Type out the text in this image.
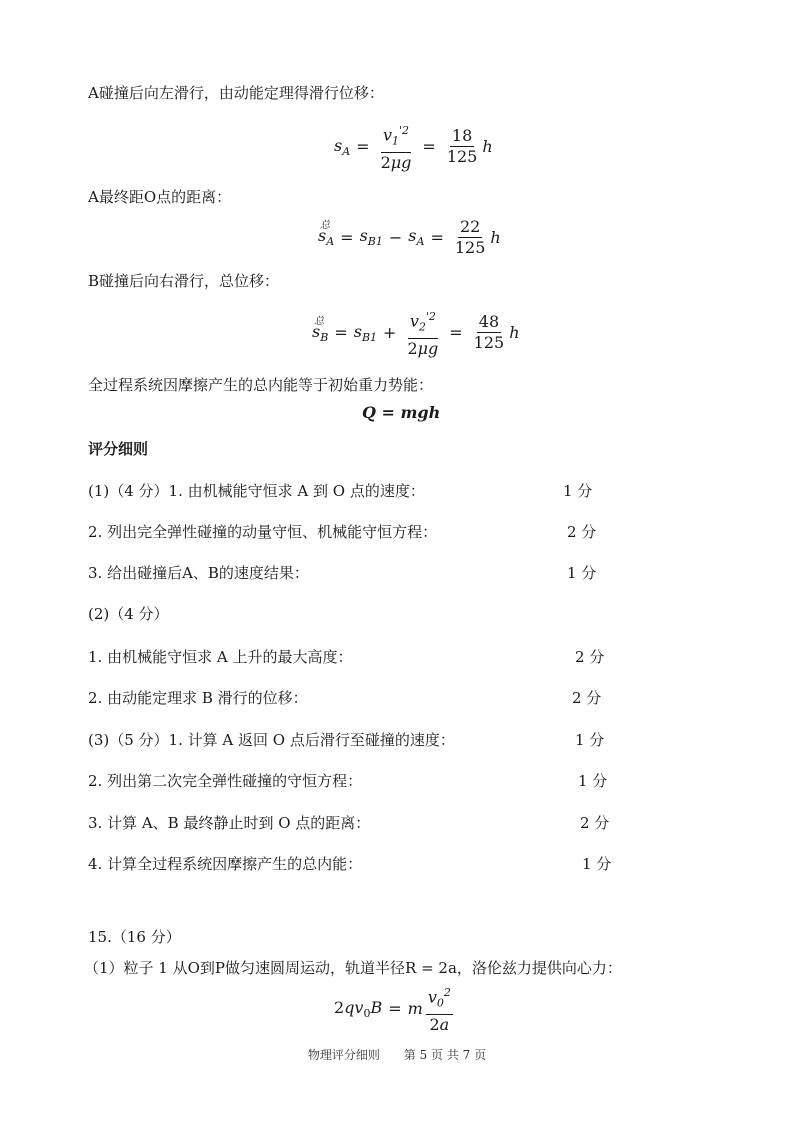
A碰撞后向左滑行，由动能定理得滑行位移：
$s_A = \frac{v_1^{'2}}{2\mu g} = \frac{18}{125}$ h
A最终距O点的距离：
s
总
$_A = s_{B1} - s_A = \frac{22}{125}$ h
B碰撞后向右滑行，总位移：
s
总
$_B = s_{B1} + \frac{v_2^{'2}}{2\mu g} = \frac{48}{125}$ h
全过程系统因摩擦产生的总内能等于初始重力势能：
Q = mgh
评分细则
(1)（4 分）1. 由机械能守恒求 A 到 O 点的速度：	1 分
2. 列出完全弹性碰撞的动量守恒、机械能守恒方程：	2 分
3. 给出碰撞后A、B的速度结果：	1 分
(2)（4 分）
1. 由机械能守恒求 A 上升的最大高度：	2 分
2. 由动能定理求 B 滑行的位移：	2 分
(3)（5 分）1. 计算 A 返回 O 点后滑行至碰撞的速度：	1 分
2. 列出第二次完全弹性碰撞的守恒方程：	1 分
3. 计算 A、B 最终静止时到 O 点的距离：	2 分
4. 计算全过程系统因摩擦产生的总内能：	1 分
15.（16 分）
（1）粒子 1 从O到P做匀速圆周运动，轨道半径R = 2a，洛伦兹力提供向心力：
$2qv_0B = m \frac{v_0^2}{2a}$
物理评分细则 第 5 页 共 7 页
